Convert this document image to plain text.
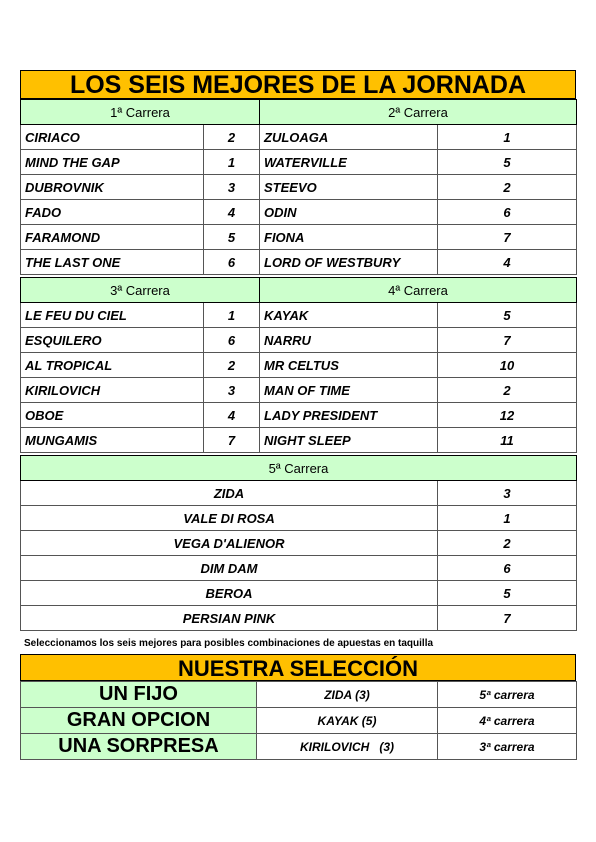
LOS SEIS MEJORES DE LA JORNADA
1ª Carrera		2ª Carrera	
CIRIACO	2	ZULOAGA	1
MIND THE GAP	1	WATERVILLE	5
DUBROVNIK	3	STEEVO	2
FADO	4	ODIN	6
FARAMOND	5	FIONA	7
THE LAST ONE	6	LORD OF WESTBURY	4
3ª Carrera		4ª Carrera	
LE FEU DU CIEL	1	KAYAK	5
ESQUILERO	6	NARRU	7
AL TROPICAL	2	MR CELTUS	10
KIRILOVICH	3	MAN OF TIME	2
OBOE	4	LADY PRESIDENT	12
MUNGAMIS	7	NIGHT SLEEP	11
5ª Carrera	
ZIDA	3
VALE DI ROSA	1
VEGA D'ALIENOR	2
DIM DAM	6
BEROA	5
PERSIAN PINK	7
Seleccionamos los seis mejores para posibles combinaciones de apuestas en taquilla
NUESTRA SELECCIÓN
UN FIJO	ZIDA (3)	5ª carrera
GRAN OPCION	KAYAK (5)	4ª carrera
UNA SORPRESA	KIRILOVICH   (3)	3ª carrera
